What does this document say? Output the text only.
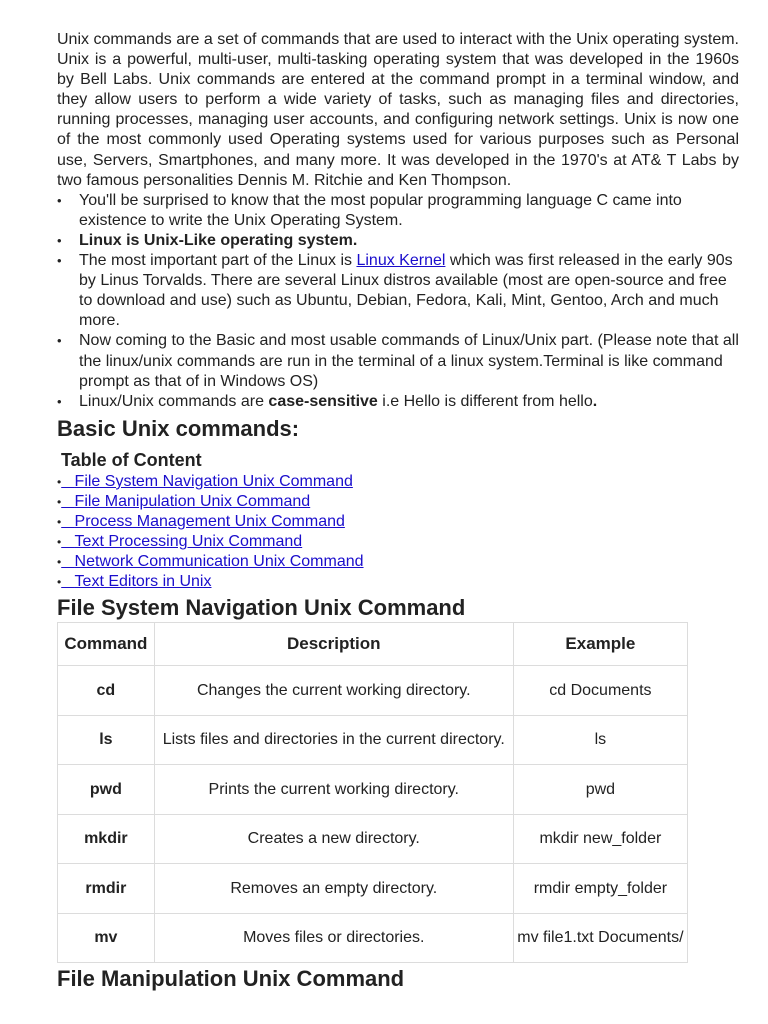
Unix commands are a set of commands that are used to interact with the Unix operating system. Unix is a powerful, multi-user, multi-tasking operating system that was developed in the 1960s by Bell Labs. Unix commands are entered at the command prompt in a terminal window, and they allow users to perform a wide variety of tasks, such as managing files and directories, running processes, managing user accounts, and configuring network settings. Unix is now one of the most commonly used Operating systems used for various purposes such as Personal use, Servers, Smartphones, and many more. It was developed in the 1970's at AT& T Labs by two famous personalities Dennis M. Ritchie and Ken Thompson.

• You'll be surprised to know that the most popular programming language C came into existence to write the Unix Operating System.
• Linux is Unix-Like operating system.
• The most important part of the Linux is Linux Kernel which was first released in the early 90s by Linus Torvalds. There are several Linux distros available (most are open-source and free to download and use) such as Ubuntu, Debian, Fedora, Kali, Mint, Gentoo, Arch and much more.
• Now coming to the Basic and most usable commands of Linux/Unix part. (Please note that all the linux/unix commands are run in the terminal of a linux system.Terminal is like command prompt as that of in Windows OS)
• Linux/Unix commands are case-sensitive i.e Hello is different from hello.
Basic Unix commands:
Table of Content
• File System Navigation Unix Command
• File Manipulation Unix Command
• Process Management Unix Command
• Text Processing Unix Command
• Network Communication Unix Command
• Text Editors in Unix
File System Navigation Unix Command
Command	Description	Example
cd	Changes the current working directory.	cd Documents
ls	Lists files and directories in the current directory.	ls
pwd	Prints the current working directory.	pwd
mkdir	Creates a new directory.	mkdir new_folder
rmdir	Removes an empty directory.	rmdir empty_folder
mv	Moves files or directories.	mv file1.txt Documents/
File Manipulation Unix Command
